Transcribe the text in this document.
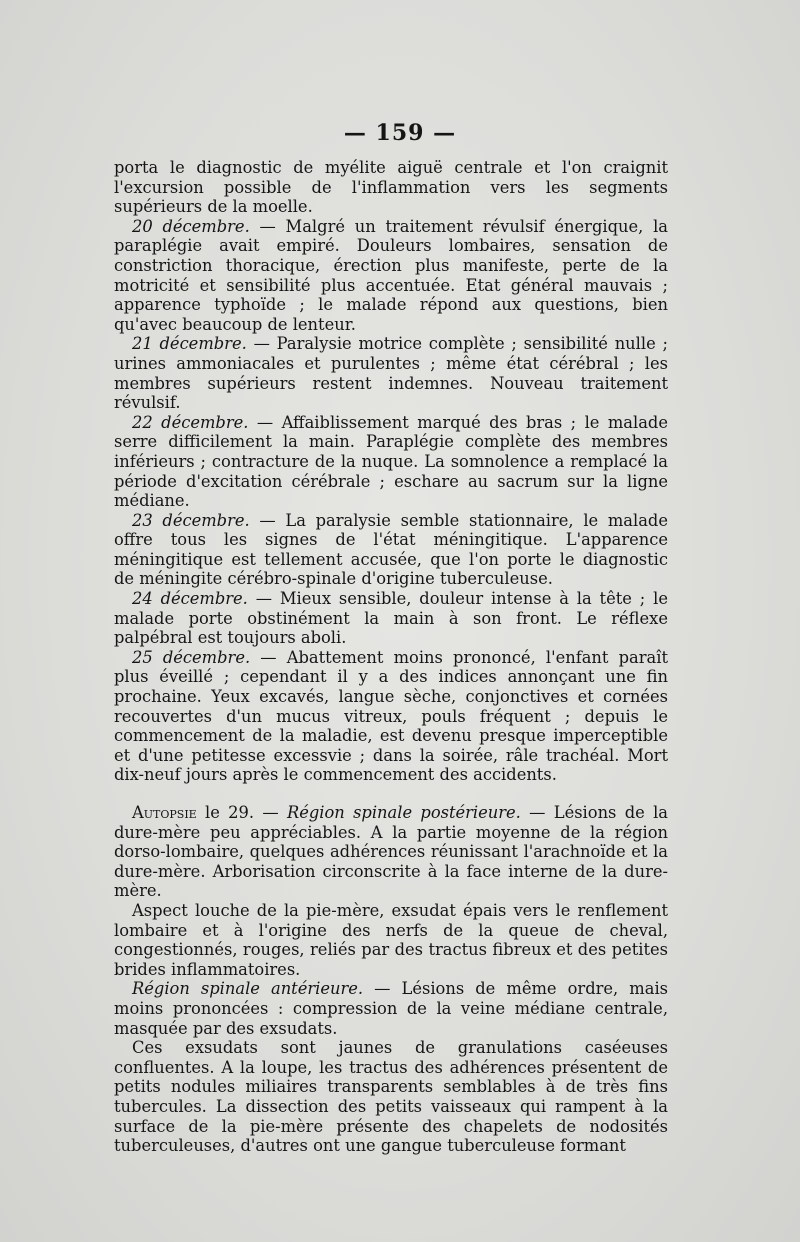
— 159 —

porta le diagnostic de myélite aiguë centrale et l'on craignit l'excursion possible de l'inflammation vers les segments supérieurs de la moelle.

20 décembre. — Malgré un traitement révulsif énergique, la paraplégie avait empiré. Douleurs lombaires, sensation de constriction thoracique, érection plus manifeste, perte de la motricité et sensibilité plus accentuée. Etat général mauvais ; apparence typhoïde ; le malade répond aux questions, bien qu'avec beaucoup de lenteur.

21 décembre. — Paralysie motrice complète ; sensibilité nulle ; urines ammoniacales et purulentes ; même état cérébral ; les membres supérieurs restent indemnes. Nouveau traitement révulsif.

22 décembre. — Affaiblissement marqué des bras ; le malade serre difficilement la main. Paraplégie complète des membres inférieurs ; contracture de la nuque. La somnolence a remplacé la période d'excitation cérébrale ; eschare au sacrum sur la ligne médiane.

23 décembre. — La paralysie semble stationnaire, le malade offre tous les signes de l'état méningitique. L'apparence méningitique est tellement accusée, que l'on porte le diagnostic de méningite cérébro-spinale d'origine tuberculeuse.

24 décembre. — Mieux sensible, douleur intense à la tête ; le malade porte obstinément la main à son front. Le réflexe palpébral est toujours aboli.

25 décembre. — Abattement moins prononcé, l'enfant paraît plus éveillé ; cependant il y a des indices annonçant une fin prochaine. Yeux excavés, langue sèche, conjonctives et cornées recouvertes d'un mucus vitreux, pouls fréquent ; depuis le commencement de la maladie, est devenu presque imperceptible et d'une petitesse excessvie ; dans la soirée, râle trachéal. Mort dix-neuf jours après le commencement des accidents.

Autopsie le 29. — Région spinale postérieure. — Lésions de la dure-mère peu appréciables. A la partie moyenne de la région dorso-lombaire, quelques adhérences réunissant l'arachnoïde et la dure-mère. Arborisation circonscrite à la face interne de la dure-mère.

Aspect louche de la pie-mère, exsudat épais vers le renflement lombaire et à l'origine des nerfs de la queue de cheval, congestionnés, rouges, reliés par des tractus fibreux et des petites brides inflammatoires.

Région spinale antérieure. — Lésions de même ordre, mais moins prononcées : compression de la veine médiane centrale, masquée par des exsudats.

Ces exsudats sont jaunes de granulations caséeuses confluentes. A la loupe, les tractus des adhérences présentent de petits nodules miliaires transparents semblables à de très fins tubercules. La dissection des petits vaisseaux qui rampent à la surface de la pie-mère présente des chapelets de nodosités tuberculeuses, d'autres ont une gangue tuberculeuse formant
